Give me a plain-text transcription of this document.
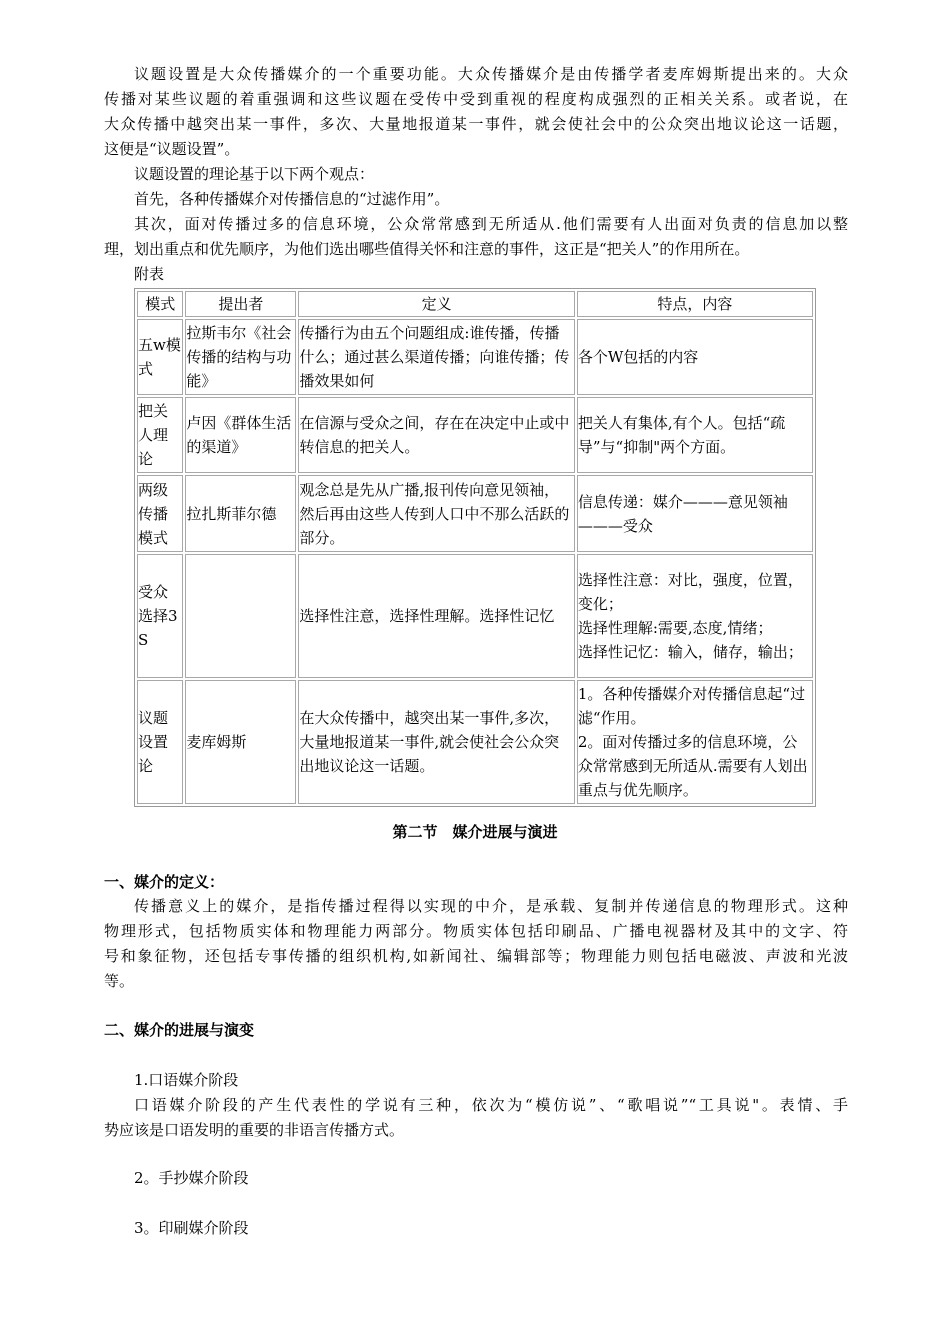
议题设置是大众传播媒介的一个重要功能。大众传播媒介是由传播学者麦库姆斯提出来的。大众

传播对某些议题的着重强调和这些议题在受传中受到重视的程度构成强烈的正相关关系。或者说，在

大众传播中越突出某一事件，多次、大量地报道某一事件，就会使社会中的公众突出地议论这一话题，

这便是“议题设置”。

议题设置的理论基于以下两个观点：

首先，各种传播媒介对传播信息的“过滤作用”。

其次，面对传播过多的信息环境，公众常常感到无所适从.他们需要有人出面对负责的信息加以整

理，划出重点和优先顺序，为他们选出哪些值得关怀和注意的事件，这正是“把关人”的作用所在。

附表

模式	提出者	定义	特点，内容
五w模式	拉斯韦尔《社会传播的结构与功能》	传播行为由五个问题组成:谁传播，传播什么；通过甚么渠道传播；向谁传播；传播效果如何	各个W包括的内容

把关人理论	卢因《群体生活的渠道》	在信源与受众之间，存在在决定中止或中转信息的把关人。	把关人有集体,有个人。包括“疏导”与“抑制"两个方面。

两级传播模式	拉扎斯菲尔德	观念总是先从广播,报刊传向意见领袖，然后再由这些人传到人口中不那么活跃的部分。	信息传递：媒介———意见领袖———受众

受众选择3S		选择性注意，选择性理解。选择性记忆	选择性注意：对比，强度，位置，变化；
选择性理解:需要,态度,情绪；
选择性记忆：输入，储存，输出；

议题设置论	麦库姆斯	在大众传播中，越突出某一事件,多次，大量地报道某一事件,就会使社会公众突出地议论这一话题。	1。各种传播媒介对传播信息起“过滤“作用。
2。面对传播过多的信息环境，公众常常感到无所适从.需要有人划出重点与优先顺序。
第二节　媒介进展与演进
一、媒介的定义：

传播意义上的媒介，是指传播过程得以实现的中介，是承载、复制并传递信息的物理形式。这种

物理形式，包括物质实体和物理能力两部分。物质实体包括印刷品、广播电视器材及其中的文字、符

号和象征物，还包括专事传播的组织机构,如新闻社、编辑部等；物理能力则包括电磁波、声波和光波

等。

二、媒介的进展与演变

1.口语媒介阶段

口语媒介阶段的产生代表性的学说有三种，依次为“模仿说”、“歌唱说”“工具说"。表情、手

势应该是口语发明的重要的非语言传播方式。

2。手抄媒介阶段

3。印刷媒介阶段
